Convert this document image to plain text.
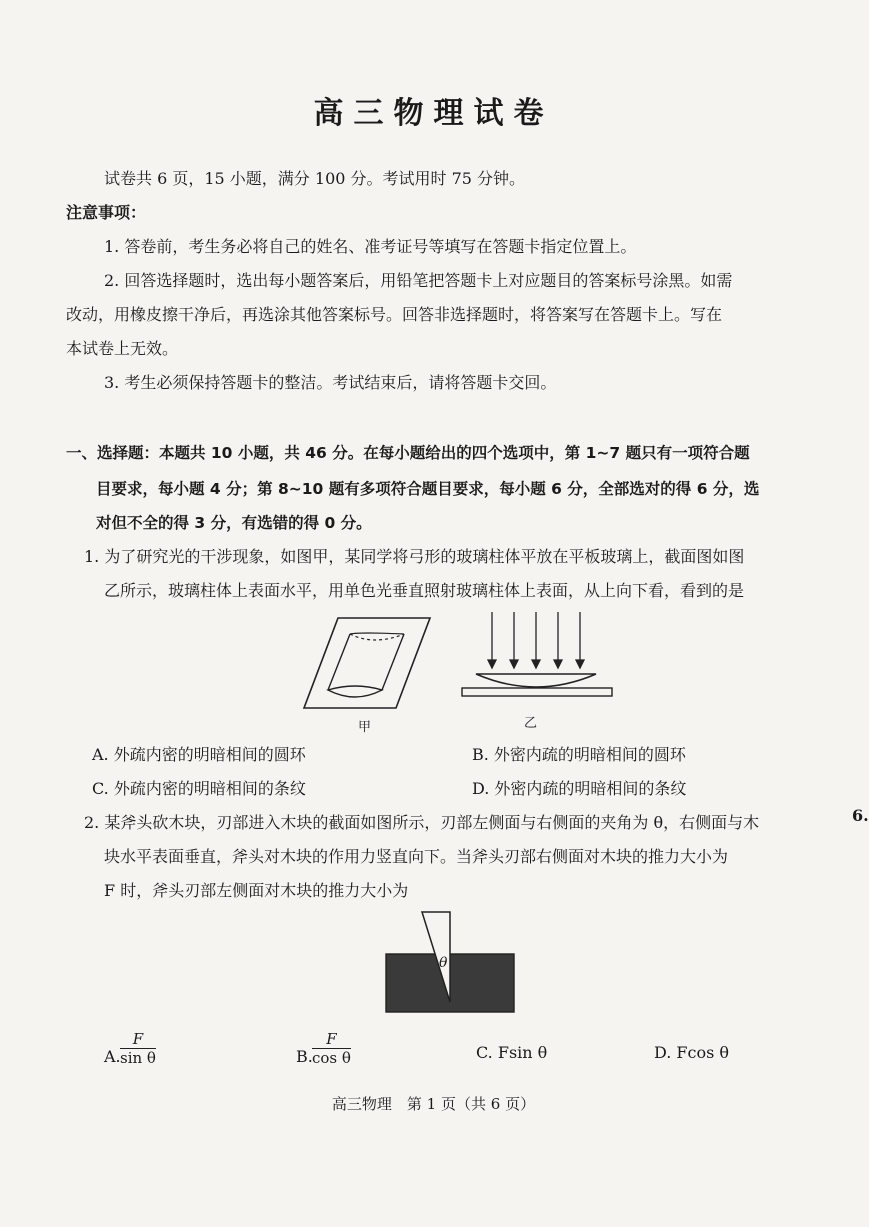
高三物理试卷
试卷共 6 页，15 小题，满分 100 分。考试用时 75 分钟。
注意事项：
1. 答卷前，考生务必将自己的姓名、准考证号等填写在答题卡指定位置上。
2. 回答选择题时，选出每小题答案后，用铅笔把答题卡上对应题目的答案标号涂黑。如需
改动，用橡皮擦干净后，再选涂其他答案标号。回答非选择题时，将答案写在答题卡上。写在
本试卷上无效。
3. 考生必须保持答题卡的整洁。考试结束后，请将答题卡交回。
一、选择题：本题共 10 小题，共 46 分。在每小题给出的四个选项中，第 1~7 题只有一项符合题
目要求，每小题 4 分；第 8~10 题有多项符合题目要求，每小题 6 分，全部选对的得 6 分，选
对但不全的得 3 分，有选错的得 0 分。
1. 为了研究光的干涉现象，如图甲，某同学将弓形的玻璃柱体平放在平板玻璃上，截面图如图
乙所示，玻璃柱体上表面水平，用单色光垂直照射玻璃柱体上表面，从上向下看，看到的是
甲	乙
A. 外疏内密的明暗相间的圆环	B. 外密内疏的明暗相间的圆环
C. 外疏内密的明暗相间的条纹	D. 外密内疏的明暗相间的条纹
2. 某斧头砍木块，刃部进入木块的截面如图所示，刃部左侧面与右侧面的夹角为 θ，右侧面与木
块水平表面垂直，斧头对木块的作用力竖直向下。当斧头刃部右侧面对木块的推力大小为
F 时，斧头刃部左侧面对木块的推力大小为
θ
A. $\frac{F}{\text{sin θ}}$	B. $\frac{F}{\text{cos θ}}$	C. Fsin θ	D. Fcos θ
高三物理　第 1 页（共 6 页）
6.
